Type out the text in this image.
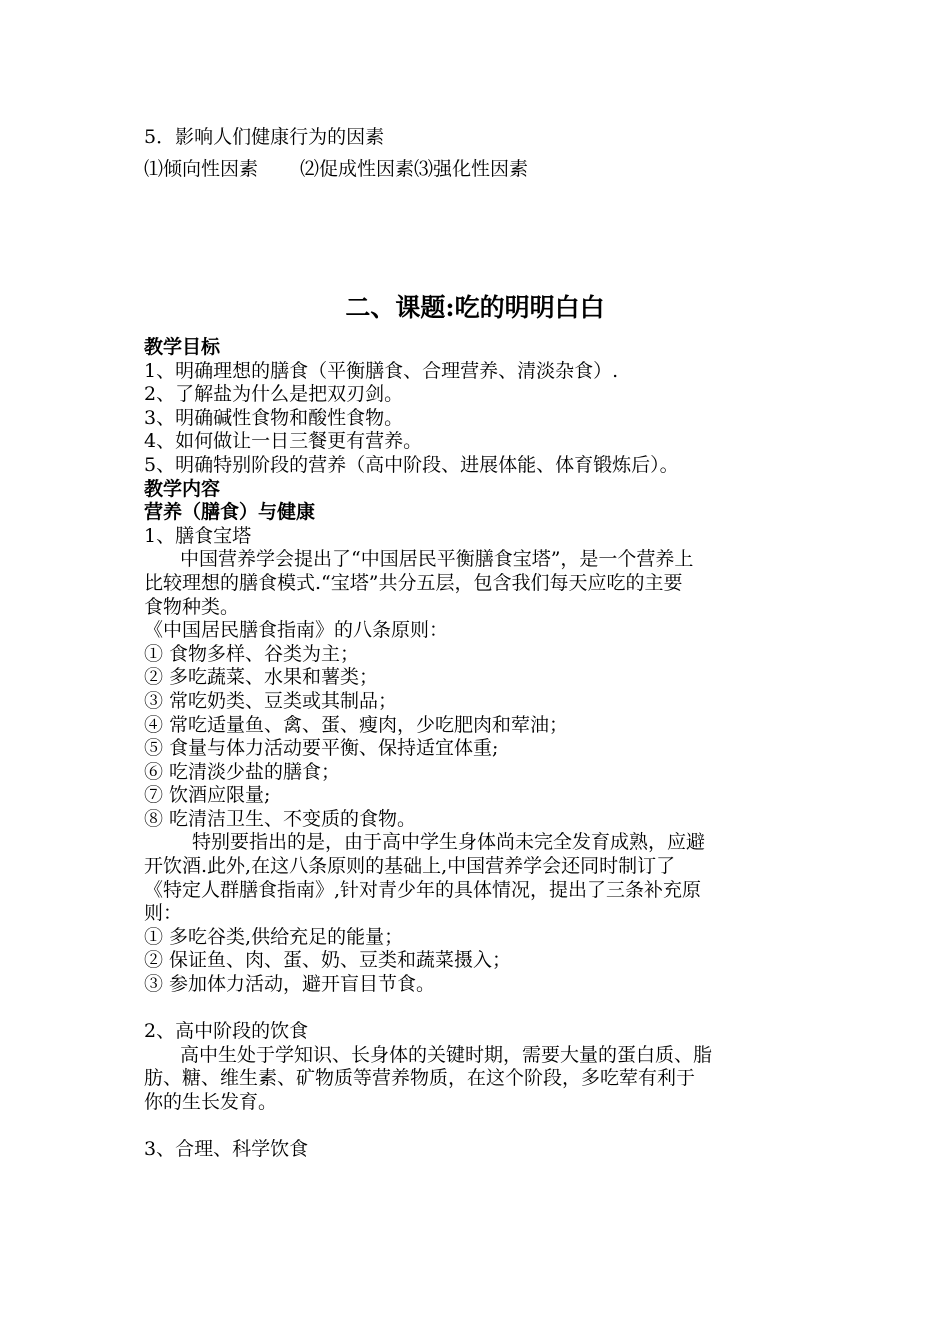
5．影响人们健康行为的因素
⑴倾向性因素 ⑵促成性因素⑶强化性因素
二、课题:吃的明明白白
教学目标
1、明确理想的膳食（平衡膳食、合理营养、清淡杂食）.
2、了解盐为什么是把双刃剑。
3、明确碱性食物和酸性食物。
4、如何做让一日三餐更有营养。
5、明确特别阶段的营养（高中阶段、进展体能、体育锻炼后）。
教学内容
营养（膳食）与健康
1、膳食宝塔
中国营养学会提出了“中国居民平衡膳食宝塔”，是一个营养上
比较理想的膳食模式.“宝塔”共分五层，包含我们每天应吃的主要
食物种类。
《中国居民膳食指南》的八条原则：
① 食物多样、谷类为主；
② 多吃蔬菜、水果和薯类；
③ 常吃奶类、豆类或其制品；
④ 常吃适量鱼、禽、蛋、瘦肉，少吃肥肉和荤油；
⑤ 食量与体力活动要平衡、保持适宜体重;
⑥ 吃清淡少盐的膳食；
⑦ 饮酒应限量;
⑧ 吃清洁卫生、不变质的食物。
特别要指出的是，由于高中学生身体尚未完全发育成熟，应避
开饮酒.此外,在这八条原则的基础上,中国营养学会还同时制订了
《特定人群膳食指南》,针对青少年的具体情况，提出了三条补充原
则：
① 多吃谷类,供给充足的能量；
② 保证鱼、肉、蛋、奶、豆类和蔬菜摄入；
③ 参加体力活动，避开盲目节食。
2、高中阶段的饮食
高中生处于学知识、长身体的关键时期，需要大量的蛋白质、脂
肪、糖、维生素、矿物质等营养物质，在这个阶段，多吃荤有利于
你的生长发育。
3、合理、科学饮食
